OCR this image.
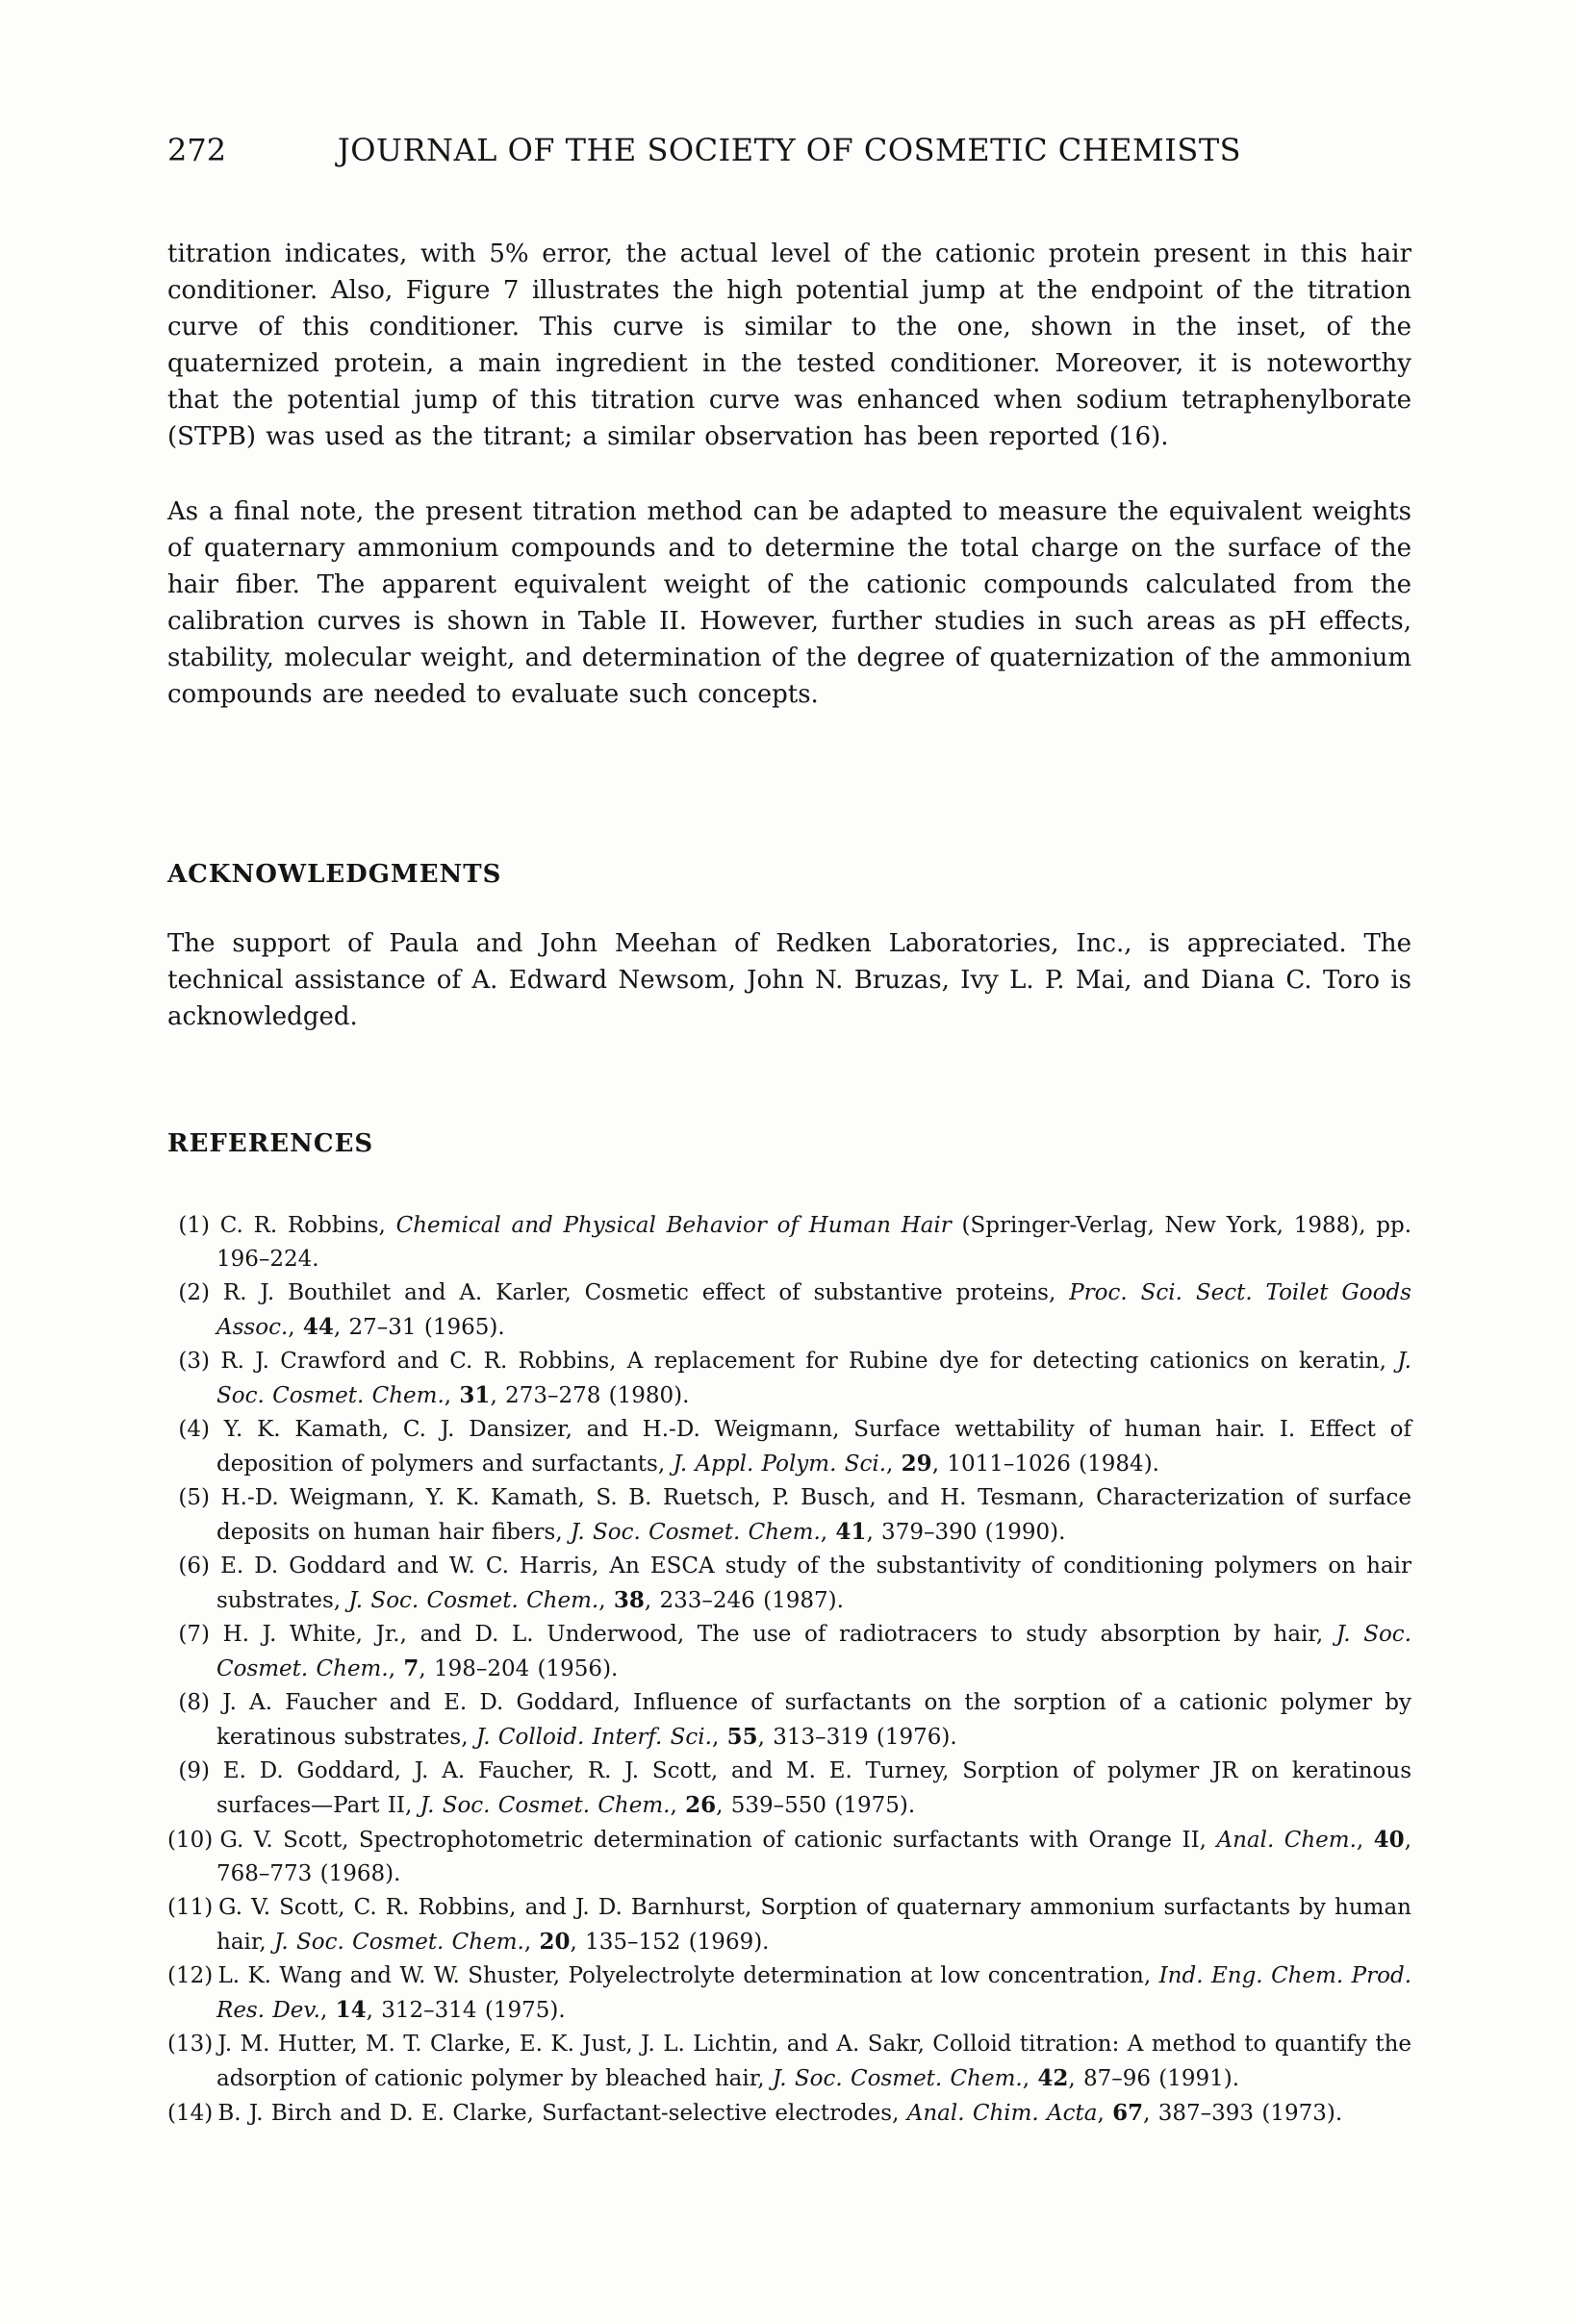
272	JOURNAL OF THE SOCIETY OF COSMETIC CHEMISTS

titration indicates, with 5% error, the actual level of the cationic protein present in this hair conditioner. Also, Figure 7 illustrates the high potential jump at the endpoint of the titration curve of this conditioner. This curve is similar to the one, shown in the inset, of the quaternized protein, a main ingredient in the tested conditioner. Moreover, it is noteworthy that the potential jump of this titration curve was enhanced when sodium tetraphenylborate (STPB) was used as the titrant; a similar observation has been reported (16).

As a final note, the present titration method can be adapted to measure the equivalent weights of quaternary ammonium compounds and to determine the total charge on the surface of the hair fiber. The apparent equivalent weight of the cationic compounds calculated from the calibration curves is shown in Table II. However, further studies in such areas as pH effects, stability, molecular weight, and determination of the degree of quaternization of the ammonium compounds are needed to evaluate such concepts.

ACKNOWLEDGMENTS

The support of Paula and John Meehan of Redken Laboratories, Inc., is appreciated. The technical assistance of A. Edward Newsom, John N. Bruzas, Ivy L. P. Mai, and Diana C. Toro is acknowledged.

REFERENCES
(1) C. R. Robbins, Chemical and Physical Behavior of Human Hair (Springer-Verlag, New York, 1988), pp. 196–224.
(2) R. J. Bouthilet and A. Karler, Cosmetic effect of substantive proteins, Proc. Sci. Sect. Toilet Goods Assoc., 44, 27–31 (1965).
(3) R. J. Crawford and C. R. Robbins, A replacement for Rubine dye for detecting cationics on keratin, J. Soc. Cosmet. Chem., 31, 273–278 (1980).
(4) Y. K. Kamath, C. J. Dansizer, and H.-D. Weigmann, Surface wettability of human hair. I. Effect of deposition of polymers and surfactants, J. Appl. Polym. Sci., 29, 1011–1026 (1984).
(5) H.-D. Weigmann, Y. K. Kamath, S. B. Ruetsch, P. Busch, and H. Tesmann, Characterization of surface deposits on human hair fibers, J. Soc. Cosmet. Chem., 41, 379–390 (1990).
(6) E. D. Goddard and W. C. Harris, An ESCA study of the substantivity of conditioning polymers on hair substrates, J. Soc. Cosmet. Chem., 38, 233–246 (1987).
(7) H. J. White, Jr., and D. L. Underwood, The use of radiotracers to study absorption by hair, J. Soc. Cosmet. Chem., 7, 198–204 (1956).
(8) J. A. Faucher and E. D. Goddard, Influence of surfactants on the sorption of a cationic polymer by keratinous substrates, J. Colloid. Interf. Sci., 55, 313–319 (1976).
(9) E. D. Goddard, J. A. Faucher, R. J. Scott, and M. E. Turney, Sorption of polymer JR on keratinous surfaces—Part II, J. Soc. Cosmet. Chem., 26, 539–550 (1975).
(10) G. V. Scott, Spectrophotometric determination of cationic surfactants with Orange II, Anal. Chem., 40, 768–773 (1968).
(11) G. V. Scott, C. R. Robbins, and J. D. Barnhurst, Sorption of quaternary ammonium surfactants by human hair, J. Soc. Cosmet. Chem., 20, 135–152 (1969).
(12) L. K. Wang and W. W. Shuster, Polyelectrolyte determination at low concentration, Ind. Eng. Chem. Prod. Res. Dev., 14, 312–314 (1975).
(13) J. M. Hutter, M. T. Clarke, E. K. Just, J. L. Lichtin, and A. Sakr, Colloid titration: A method to quantify the adsorption of cationic polymer by bleached hair, J. Soc. Cosmet. Chem., 42, 87–96 (1991).
(14) B. J. Birch and D. E. Clarke, Surfactant-selective electrodes, Anal. Chim. Acta, 67, 387–393 (1973).
